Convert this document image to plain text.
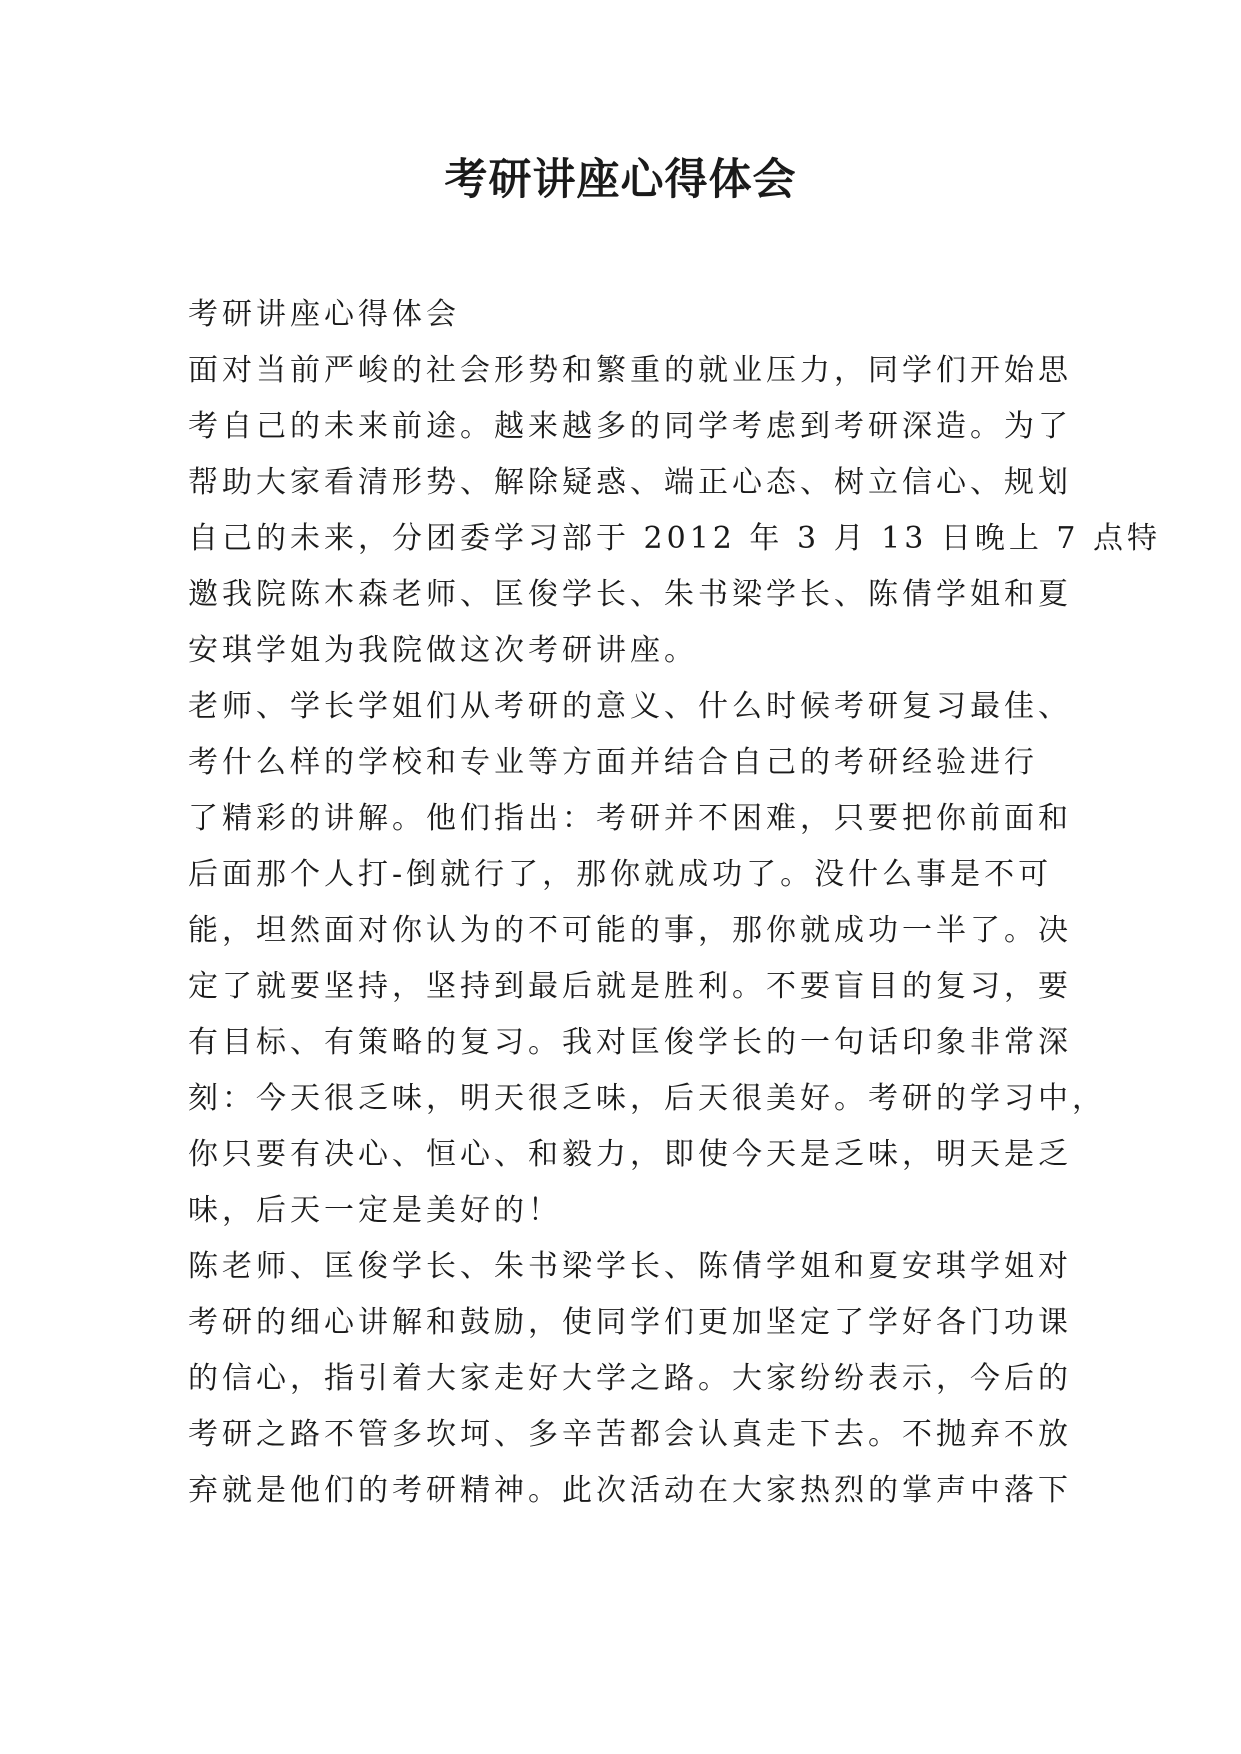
考研讲座心得体会
考研讲座心得体会
面对当前严峻的社会形势和繁重的就业压力，同学们开始思
考自己的未来前途。越来越多的同学考虑到考研深造。为了
帮助大家看清形势、解除疑惑、端正心态、树立信心、规划
自己的未来，分团委学习部于 2012 年 3 月 13 日晚上 7 点特
邀我院陈木森老师、匡俊学长、朱书梁学长、陈倩学姐和夏
安琪学姐为我院做这次考研讲座。
老师、学长学姐们从考研的意义、什么时候考研复习最佳、
考什么样的学校和专业等方面并结合自己的考研经验进行
了精彩的讲解。他们指出：考研并不困难，只要把你前面和
后面那个人打-倒就行了，那你就成功了。没什么事是不可
能，坦然面对你认为的不可能的事，那你就成功一半了。决
定了就要坚持，坚持到最后就是胜利。不要盲目的复习，要
有目标、有策略的复习。我对匡俊学长的一句话印象非常深
刻：今天很乏味，明天很乏味，后天很美好。考研的学习中，
你只要有决心、恒心、和毅力，即使今天是乏味，明天是乏
味，后天一定是美好的！
陈老师、匡俊学长、朱书梁学长、陈倩学姐和夏安琪学姐对
考研的细心讲解和鼓励，使同学们更加坚定了学好各门功课
的信心，指引着大家走好大学之路。大家纷纷表示，今后的
考研之路不管多坎坷、多辛苦都会认真走下去。不抛弃不放
弃就是他们的考研精神。此次活动在大家热烈的掌声中落下
